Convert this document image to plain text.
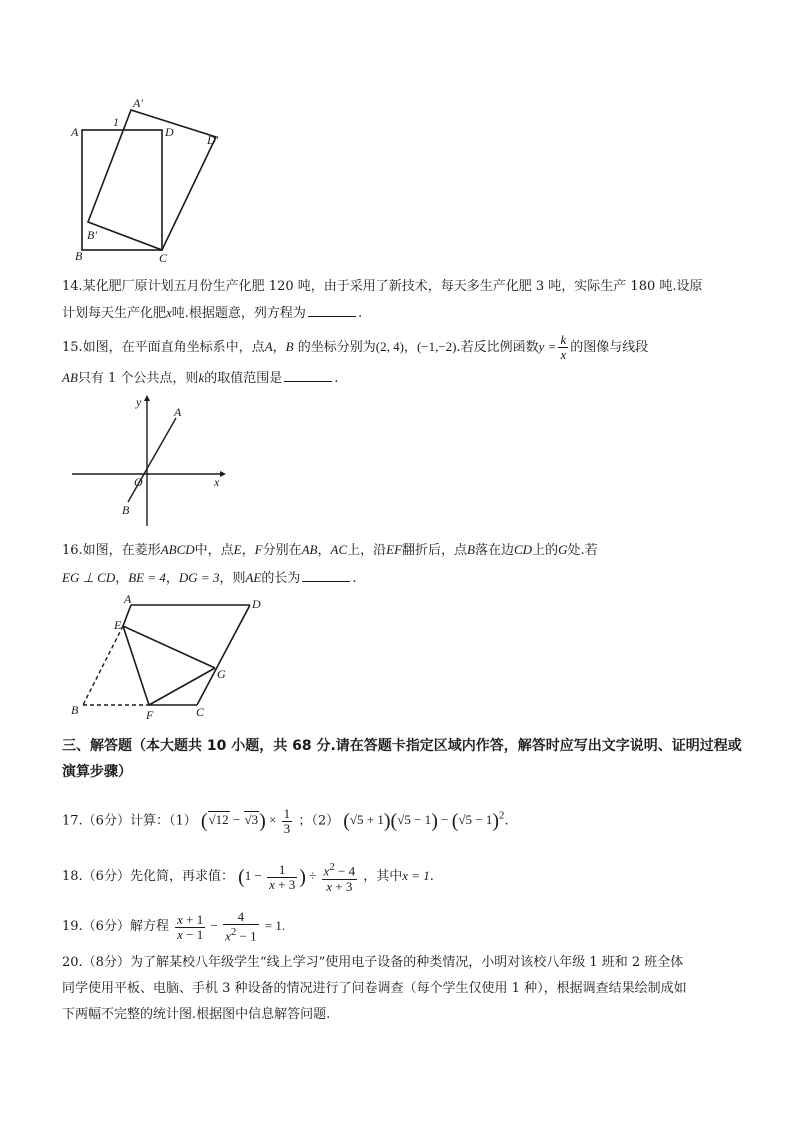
A
1
A'
D
D'
B'
B	C
14.某化肥厂原计划五月份生产化肥 120 吨，由于采用了新技术，每天多生产化肥 3 吨，实际生产 180 吨.设原
计划每天生产化肥x吨.根据题意，列方程为	.
15.如图，在平面直角坐标系中，点A，B 的坐标分别为(2, 4)，(−1,−2).若反比例函数$y = \frac{k}{x}$ 的图像与线段
AB只有 1 个公共点，则k的取值范围是	.
y
A
O	x
B
16.如图，在菱形ABCD中，点E，F分别在AB，AC上，沿EF翻折后，点B落在边CD上的G处.若
EG ⊥ CD，BE = 4，DG = 3，则AE的长为	.
A	D
E
G
B	F	C
三、解答题（本大题共 10 小题，共 68 分.请在答题卡指定区域内作答，解答时应写出文字说明、证明过程或演算步骤）
17.（6分）计算：（1） $(√12 - √3) \times \frac{1}{3}$ ；（2） $(√5 + 1)(√5 - 1) - (√5 - 1)^2$.
18.（6分）先化简，再求值： ($1 - \frac{1}{x + 3}$ ) ÷ $\frac{x^2 - 4}{x + 3}$ ，其中x = 1.
19.（6分）解方程 $\frac{x + 1}{x - 1} - \frac{4}{x^2 - 1} = 1$.
20.（8分）为了解某校八年级学生“线上学习”使用电子设备的种类情况，小明对该校八年级 1 班和 2 班全体
同学使用平板、电脑、手机 3 种设备的情况进行了问卷调查（每个学生仅使用 1 种），根据调查结果绘制成如
下两幅不完整的统计图.根据图中信息解答问题.
